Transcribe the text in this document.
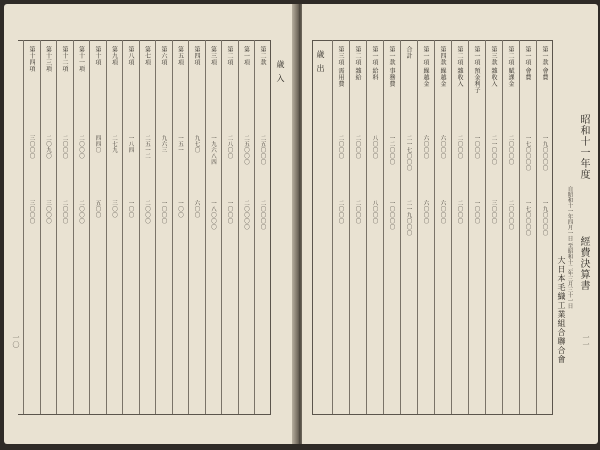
歳入
一〇
第二款
二五〇〇〇
二〇〇〇〇
第一項
二五〇〇〇
二〇〇〇〇
第二項
二八〇〇
一〇〇〇
第三項
一九六八四
一八〇〇〇
第四項
九七〇
六〇〇
第五項
一五一
一〇〇
第六項
九六三
一〇〇〇
第七項
二五一二
二〇〇〇
第八項
一八四
一〇〇
第九項
二七九
三〇〇
第十項
四四〇
五〇〇
第十一項
二〇〇〇
二〇〇〇
第十二項
二〇〇〇
二〇〇〇
第十三項
二〇九〇
三〇〇〇
第十四項
三〇〇〇
三〇〇〇
歳出
昭和十一年度
自昭和十一年四月一日 至昭和十二年三月三十一日 經費決算書
大日本毛織工業組合聯合會 一一
第一款 會費
一九〇〇〇〇
一九〇〇〇〇
第一項 會費
一七〇〇〇〇
一七〇〇〇〇
第二項 賦課金
二〇〇〇〇
二〇〇〇〇
第三款 雜收入
二一〇〇〇
三〇〇〇
第一項 預金利子
一〇〇〇
一〇〇〇
第二項 雜收入
二〇〇〇
二〇〇〇
第四款 繰越金
六〇〇〇
六〇〇〇
第一項 繰越金
六〇〇〇
六〇〇〇
合計
二一七〇〇〇
二一九〇〇〇
第一款 事務費
一二〇〇〇
一〇〇〇〇
第一項 給料
八〇〇〇
八〇〇〇
第二項 雜給
二〇〇〇
二〇〇〇
第三項 需用費
二〇〇〇
二〇〇〇
